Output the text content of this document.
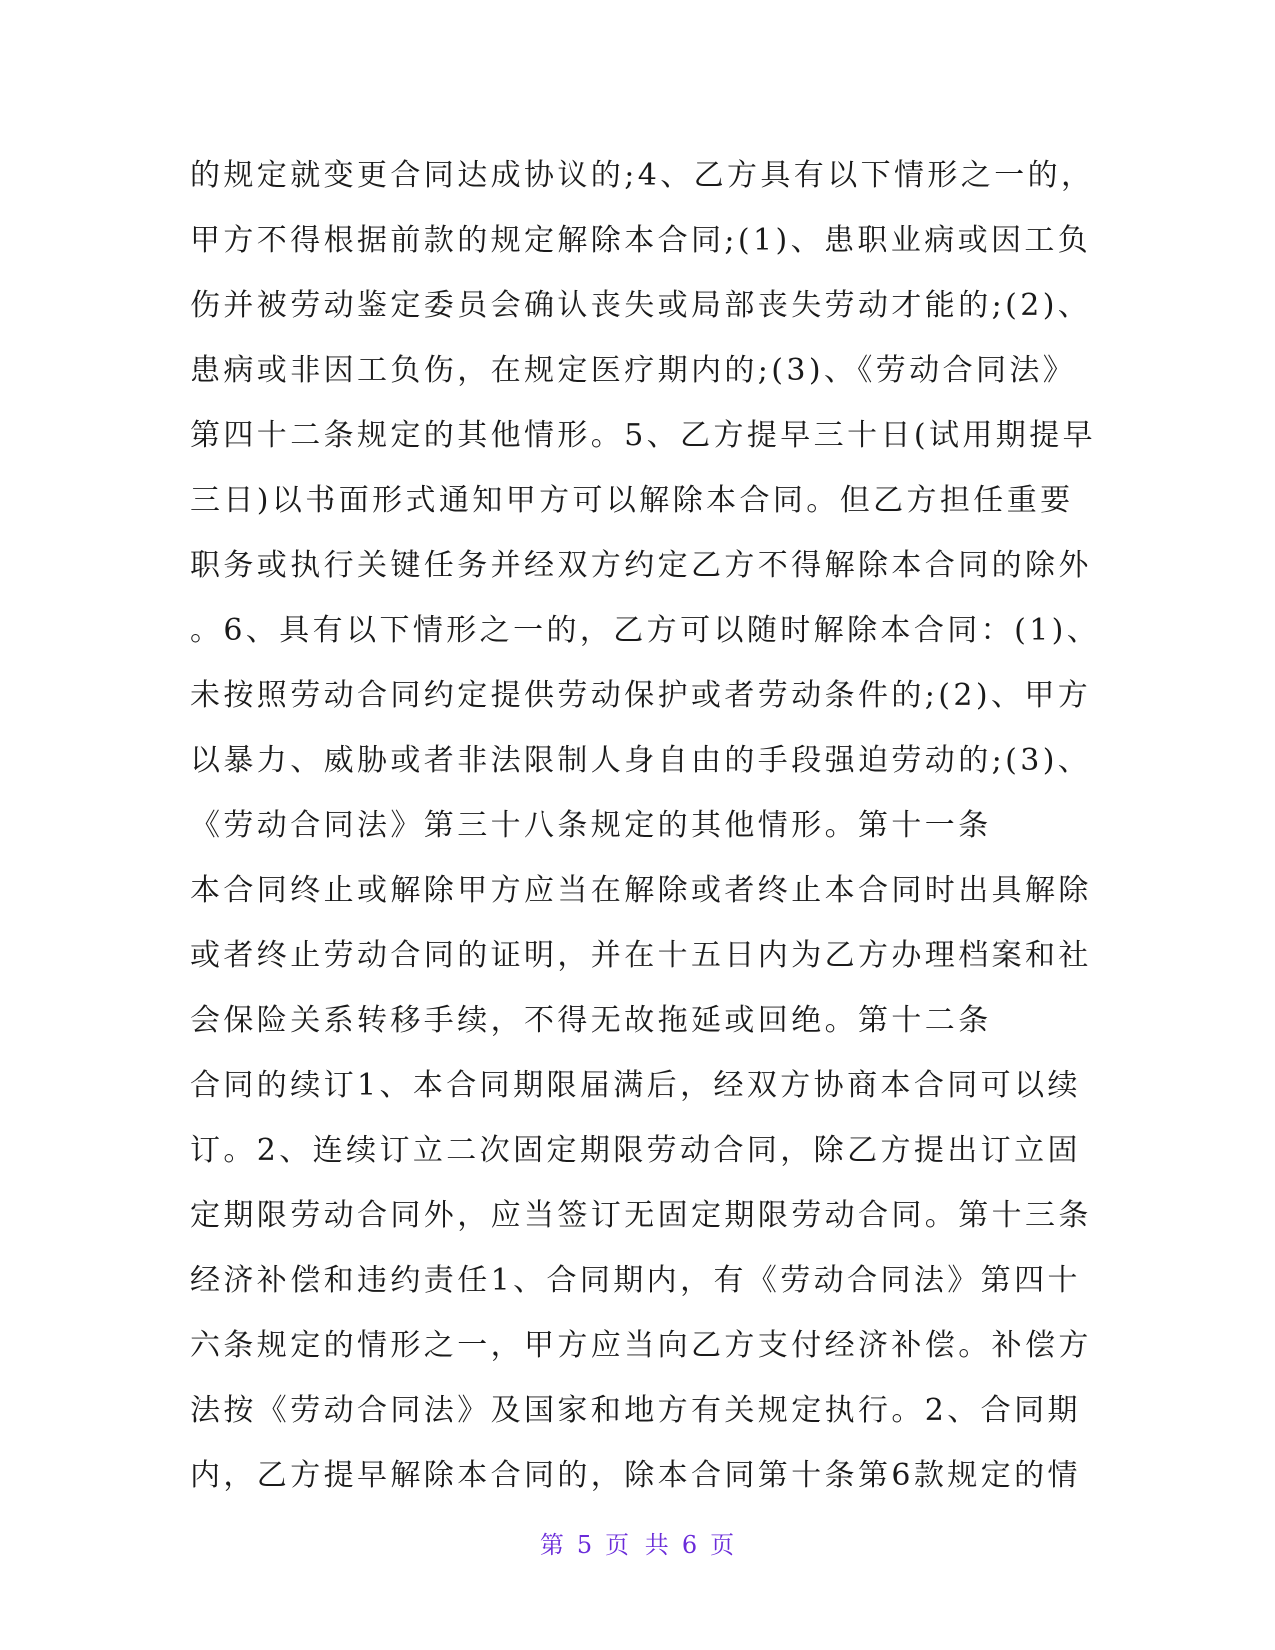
的规定就变更合同达成协议的;4、乙方具有以下情形之一的，
甲方不得根据前款的规定解除本合同;(1)、患职业病或因工负
伤并被劳动鉴定委员会确认丧失或局部丧失劳动才能的;(2)、
患病或非因工负伤，在规定医疗期内的;(3)、《劳动合同法》
第四十二条规定的其他情形。5、乙方提早三十日(试用期提早
三日)以书面形式通知甲方可以解除本合同。但乙方担任重要
职务或执行关键任务并经双方约定乙方不得解除本合同的除外
。6、具有以下情形之一的，乙方可以随时解除本合同：(1)、
未按照劳动合同约定提供劳动保护或者劳动条件的;(2)、甲方
以暴力、威胁或者非法限制人身自由的手段强迫劳动的;(3)、
《劳动合同法》第三十八条规定的其他情形。第十一条
本合同终止或解除甲方应当在解除或者终止本合同时出具解除
或者终止劳动合同的证明，并在十五日内为乙方办理档案和社
会保险关系转移手续，不得无故拖延或回绝。第十二条
合同的续订1、本合同期限届满后，经双方协商本合同可以续
订。2、连续订立二次固定期限劳动合同，除乙方提出订立固
定期限劳动合同外，应当签订无固定期限劳动合同。第十三条
经济补偿和违约责任1、合同期内，有《劳动合同法》第四十
六条规定的情形之一，甲方应当向乙方支付经济补偿。补偿方
法按《劳动合同法》及国家和地方有关规定执行。2、合同期
内，乙方提早解除本合同的，除本合同第十条第6款规定的情
第 5 页 共 6 页
